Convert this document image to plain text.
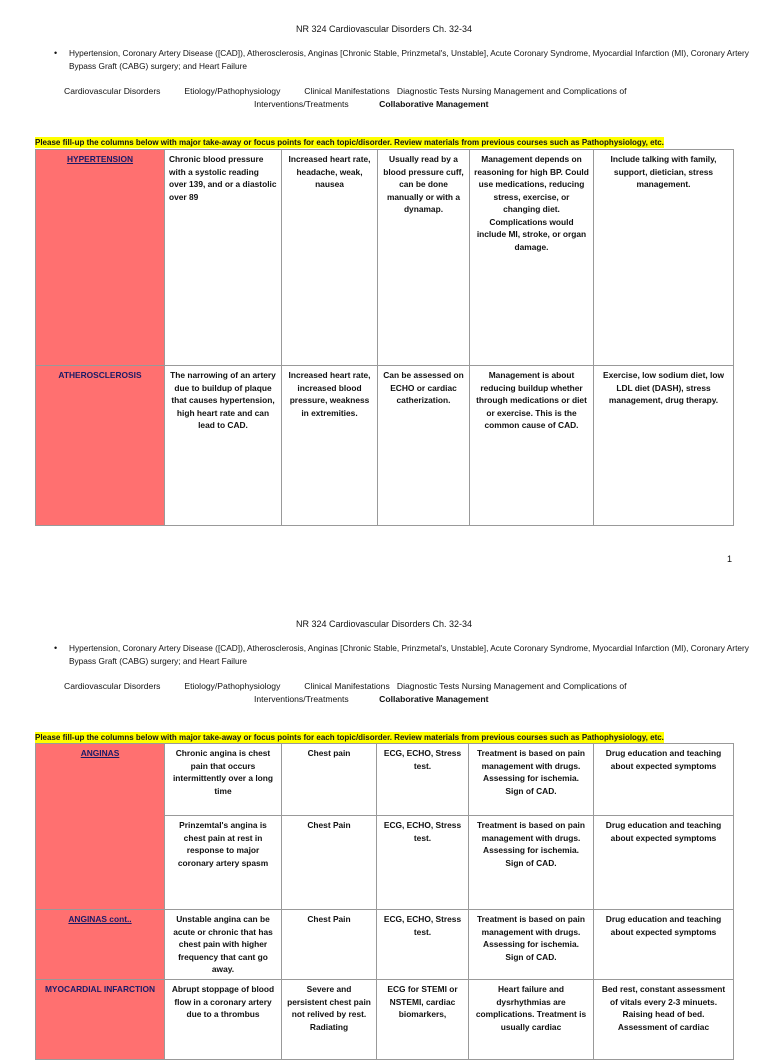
NR 324 Cardiovascular Disorders Ch. 32-34
• Hypertension, Coronary Artery Disease ([CAD]), Atherosclerosis, Anginas [Chronic Stable, Prinzmetal's, Unstable], Acute Coronary Syndrome, Myocardial Infarction (MI), Coronary Artery Bypass Graft (CABG) surgery; and Heart Failure
Cardiovascular Disorders          Etiology/Pathophysiology          Clinical Manifestations   Diagnostic Tests Nursing Management and Complications of
Interventions/Treatments	Collaborative Management
Please fill-up the columns below with major take-away or focus points for each topic/disorder. Review materials from previous courses such as Pathophysiology, etc.
HYPERTENSION	Chronic blood pressure with a systolic reading over 139, and or a diastolic over 89	Increased heart rate, headache, weak, nausea	Usually read by a blood pressure cuff, can be done manually or with a dynamap.	Management depends on reasoning for high BP. Could use medications, reducing stress, exercise, or changing diet. Complications would include MI, stroke, or organ damage.	Include talking with family, support, dietician, stress management.
ATHEROSCLEROSIS	The narrowing of an artery due to buildup of plaque that causes hypertension, high heart rate and can lead to CAD.	Increased heart rate, increased blood pressure, weakness in extremities.	Can be assessed on ECHO or cardiac catherization.	Management is about reducing buildup whether through medications or diet or exercise. This is the common cause of CAD.	Exercise, low sodium diet, low LDL diet (DASH), stress management, drug therapy.
1
NR 324 Cardiovascular Disorders Ch. 32-34
• Hypertension, Coronary Artery Disease ([CAD]), Atherosclerosis, Anginas [Chronic Stable, Prinzmetal's, Unstable], Acute Coronary Syndrome, Myocardial Infarction (MI), Coronary Artery Bypass Graft (CABG) surgery; and Heart Failure
Cardiovascular Disorders          Etiology/Pathophysiology          Clinical Manifestations   Diagnostic Tests Nursing Management and Complications of
Interventions/Treatments	Collaborative Management
Please fill-up the columns below with major take-away or focus points for each topic/disorder. Review materials from previous courses such as Pathophysiology, etc.
ANGINAS	Chronic angina is chest pain that occurs intermittently over a long time	Chest pain	ECG, ECHO, Stress test.	Treatment is based on pain management with drugs. Assessing for ischemia. Sign of CAD.	Drug education and teaching about expected symptoms
	Prinzemtal's angina is chest pain at rest in response to major coronary artery spasm	Chest Pain	ECG, ECHO, Stress test.	Treatment is based on pain management with drugs. Assessing for ischemia. Sign of CAD.	Drug education and teaching about expected symptoms
ANGINAS cont..	Unstable angina can be acute or chronic that has chest pain with higher frequency that cant go away.	Chest Pain	ECG, ECHO, Stress test.	Treatment is based on pain management with drugs. Assessing for ischemia. Sign of CAD.	Drug education and teaching about expected symptoms
MYOCARDIAL INFARCTION	Abrupt stoppage of blood flow in a coronary artery due to a thrombus	Severe and persistent chest pain not relived by rest. Radiating	ECG for STEMI or NSTEMI, cardiac biomarkers,	Heart failure and dysrhythmias are complications. Treatment is usually cardiac	Bed rest, constant assessment of vitals every 2-3 minuets. Raising head of bed. Assessment of cardiac
